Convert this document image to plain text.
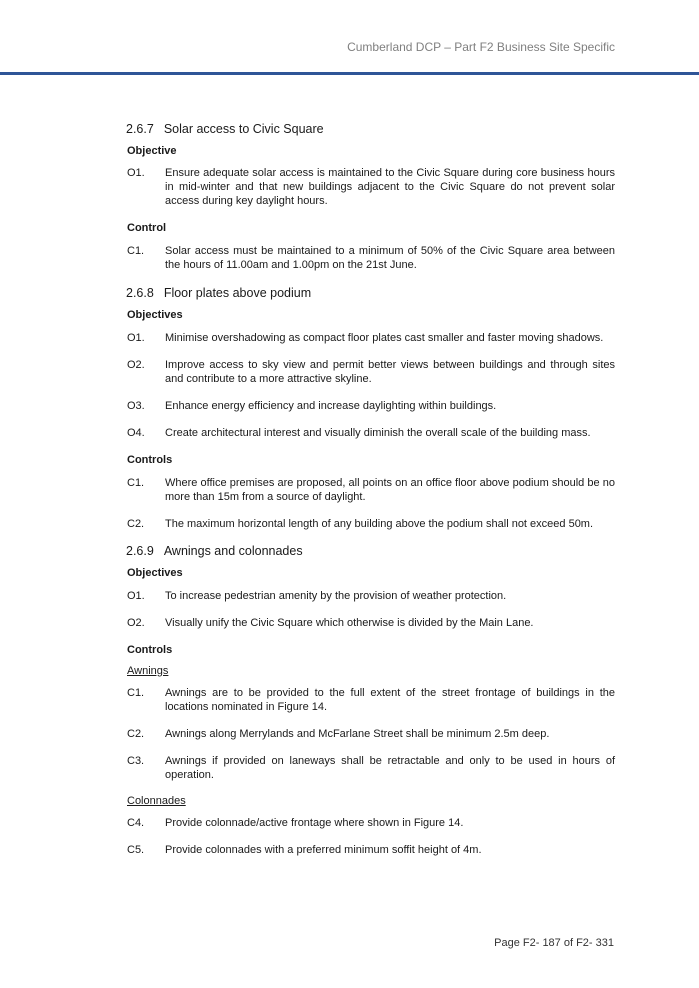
Cumberland DCP – Part F2 Business Site Specific
2.6.7 Solar access to Civic Square
Objective
O1.	Ensure adequate solar access is maintained to the Civic Square during core business hours in mid-winter and that new buildings adjacent to the Civic Square do not prevent solar access during key daylight hours.
Control
C1.	Solar access must be maintained to a minimum of 50% of the Civic Square area between the hours of 11.00am and 1.00pm on the 21st June.
2.6.8 Floor plates above podium
Objectives
O1.	Minimise overshadowing as compact floor plates cast smaller and faster moving shadows.
O2.	Improve access to sky view and permit better views between buildings and through sites and contribute to a more attractive skyline.
O3.	Enhance energy efficiency and increase daylighting within buildings.
O4.	Create architectural interest and visually diminish the overall scale of the building mass.
Controls
C1.	Where office premises are proposed, all points on an office floor above podium should be no more than 15m from a source of daylight.
C2.	The maximum horizontal length of any building above the podium shall not exceed 50m.
2.6.9 Awnings and colonnades
Objectives
O1.	To increase pedestrian amenity by the provision of weather protection.
O2.	Visually unify the Civic Square which otherwise is divided by the Main Lane.
Controls
Awnings
C1.	Awnings are to be provided to the full extent of the street frontage of buildings in the locations nominated in Figure 14.
C2.	Awnings along Merrylands and McFarlane Street shall be minimum 2.5m deep.
C3.	Awnings if provided on laneways shall be retractable and only to be used in hours of operation.
Colonnades
C4.	Provide colonnade/active frontage where shown in Figure 14.
C5.	Provide colonnades with a preferred minimum soffit height of 4m.
Page F2- 187 of F2- 331
